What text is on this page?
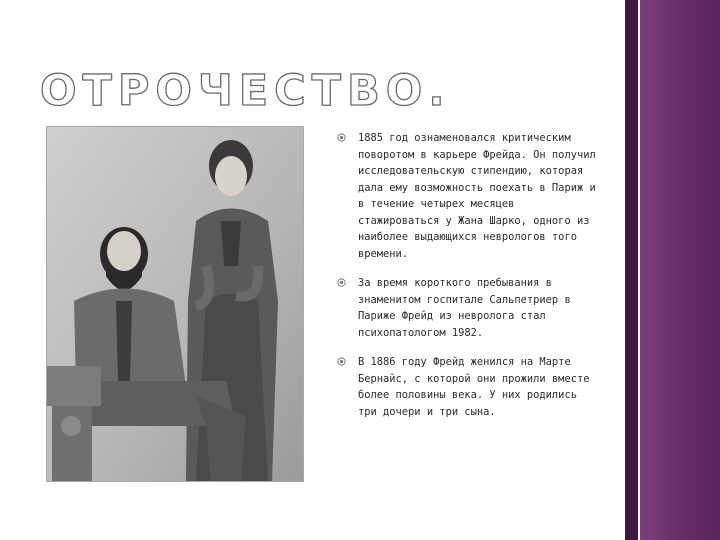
ОТРОЧЕСТВО.
1885 год ознаменовался критическим поворотом в карьере Фрейда. Он получил исследовательскую стипендию, которая дала ему возможность поехать в Париж и в течение четырех месяцев стажироваться у Жана Шарко, одного из наиболее выдающихся неврологов того времени.
За время короткого пребывания в знаменитом госпитале Сальпетриер в Париже Фрейд из невролога стал психопатологом 1982.
В 1886 году Фрейд женился на Марте Бернайс, с которой они прожили вместе более половины века. У них родились три дочери и три сына.
